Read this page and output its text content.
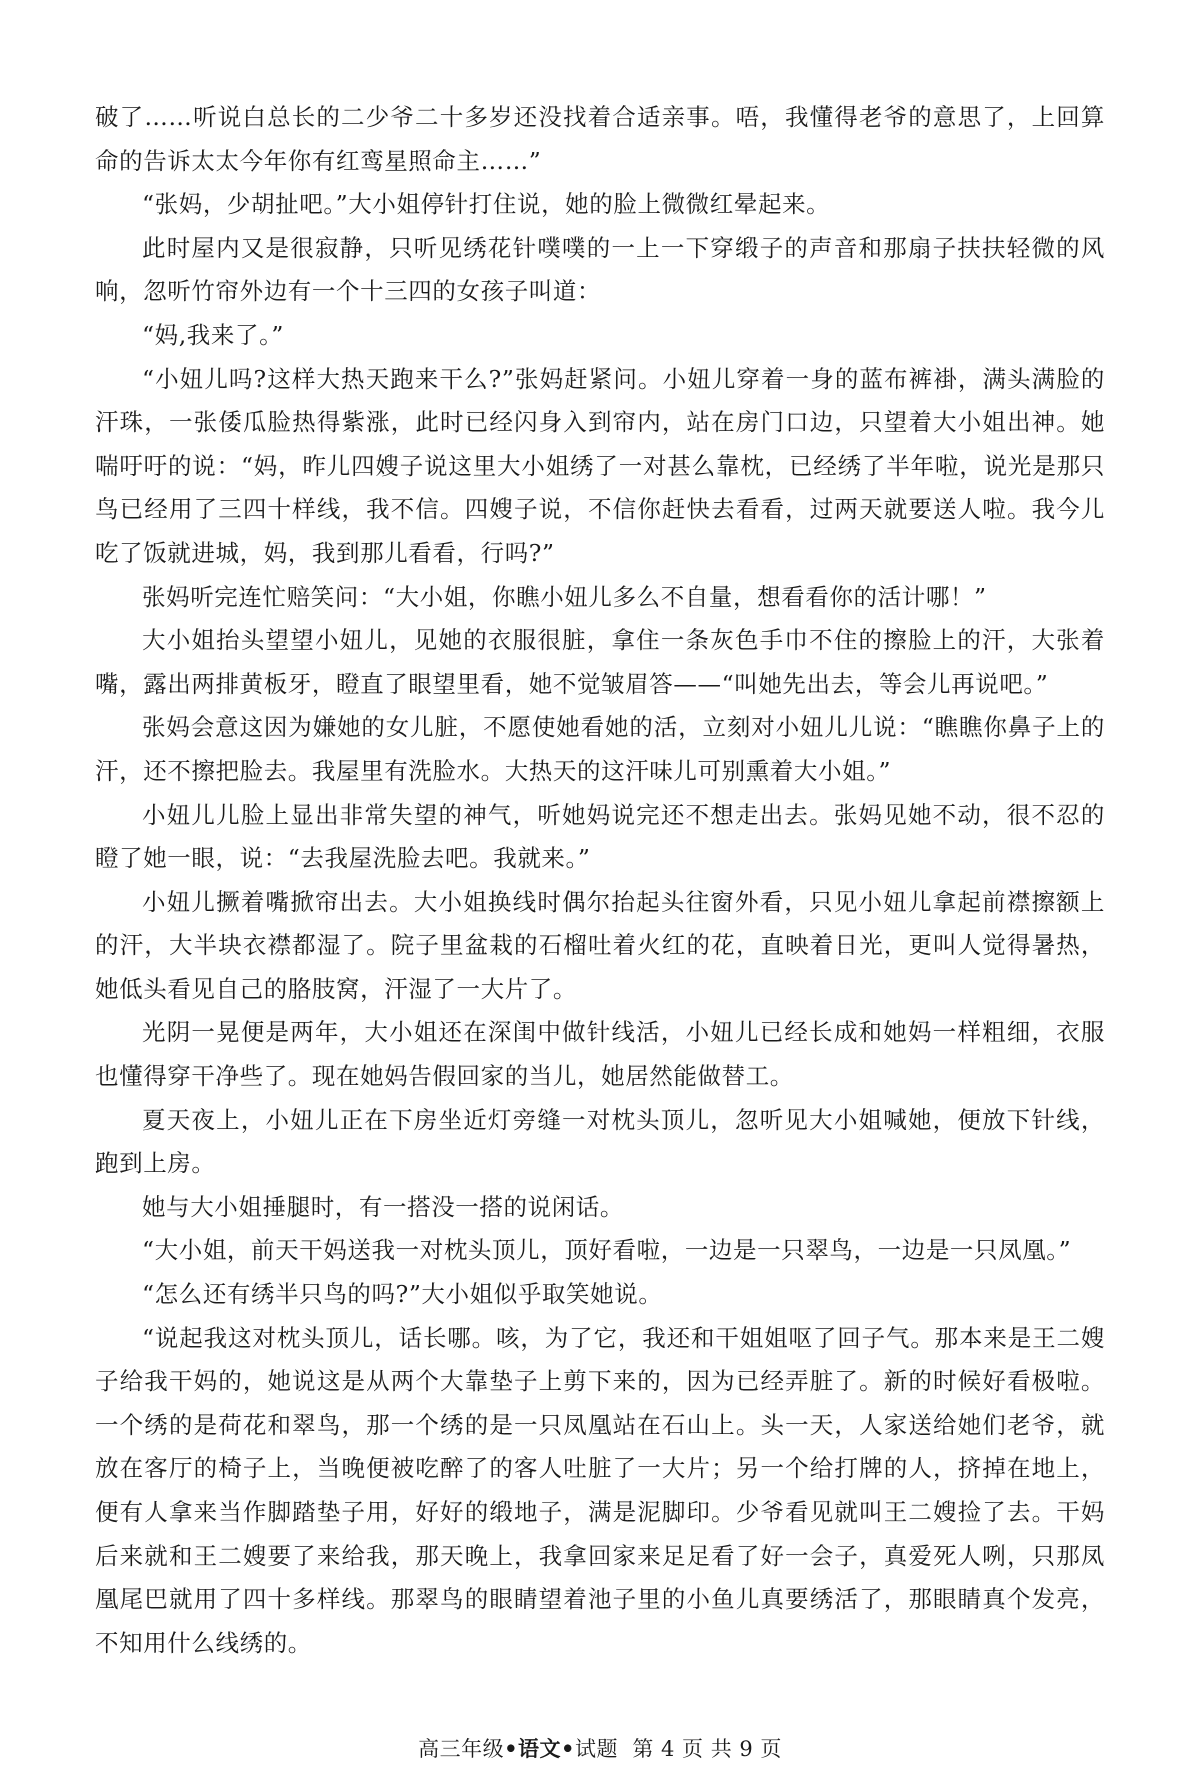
破了……听说白总长的二少爷二十多岁还没找着合适亲事。唔，我懂得老爷的意思了，上回算命的告诉太太今年你有红鸾星照命主……”

“张妈，少胡扯吧。”大小姐停针打住说，她的脸上微微红晕起来。

此时屋内又是很寂静，只听见绣花针噗噗的一上一下穿缎子的声音和那扇子扶扶轻微的风响，忽听竹帘外边有一个十三四的女孩子叫道：

“妈,我来了。”

“小妞儿吗?这样大热天跑来干么?”张妈赶紧问。小妞儿穿着一身的蓝布裤褂，满头满脸的汗珠，一张倭瓜脸热得紫涨，此时已经闪身入到帘内，站在房门口边，只望着大小姐出神。她喘吁吁的说：“妈，昨儿四嫂子说这里大小姐绣了一对甚么靠枕，已经绣了半年啦，说光是那只鸟已经用了三四十样线，我不信。四嫂子说，不信你赶快去看看，过两天就要送人啦。我今儿吃了饭就进城，妈，我到那儿看看，行吗?”

张妈听完连忙赔笑问：“大小姐，你瞧小妞儿多么不自量，想看看你的活计哪！”

大小姐抬头望望小妞儿，见她的衣服很脏，拿住一条灰色手巾不住的擦脸上的汗，大张着嘴，露出两排黄板牙，瞪直了眼望里看，她不觉皱眉答——“叫她先出去，等会儿再说吧。”

张妈会意这因为嫌她的女儿脏，不愿使她看她的活，立刻对小妞儿儿说：“瞧瞧你鼻子上的汗，还不擦把脸去。我屋里有洗脸水。大热天的这汗味儿可别熏着大小姐。”

小妞儿儿脸上显出非常失望的神气，听她妈说完还不想走出去。张妈见她不动，很不忍的瞪了她一眼，说：“去我屋洗脸去吧。我就来。”

小妞儿撅着嘴掀帘出去。大小姐换线时偶尔抬起头往窗外看，只见小妞儿拿起前襟擦额上的汗，大半块衣襟都湿了。院子里盆栽的石榴吐着火红的花，直映着日光，更叫人觉得暑热，她低头看见自己的胳肢窝，汗湿了一大片了。

光阴一晃便是两年，大小姐还在深闺中做针线活，小妞儿已经长成和她妈一样粗细，衣服也懂得穿干净些了。现在她妈告假回家的当儿，她居然能做替工。

夏天夜上，小妞儿正在下房坐近灯旁缝一对枕头顶儿，忽听见大小姐喊她，便放下针线，跑到上房。

她与大小姐捶腿时，有一搭没一搭的说闲话。

“大小姐，前天干妈送我一对枕头顶儿，顶好看啦，一边是一只翠鸟，一边是一只凤凰。”

“怎么还有绣半只鸟的吗?”大小姐似乎取笑她说。

“说起我这对枕头顶儿，话长哪。咳，为了它，我还和干姐姐呕了回子气。那本来是王二嫂子给我干妈的，她说这是从两个大靠垫子上剪下来的，因为已经弄脏了。新的时候好看极啦。一个绣的是荷花和翠鸟，那一个绣的是一只凤凰站在石山上。头一天，人家送给她们老爷，就放在客厅的椅子上，当晚便被吃醉了的客人吐脏了一大片；另一个给打牌的人，挤掉在地上，便有人拿来当作脚踏垫子用，好好的缎地子，满是泥脚印。少爷看见就叫王二嫂捡了去。干妈后来就和王二嫂要了来给我，那天晚上，我拿回家来足足看了好一会子，真爱死人咧，只那凤凰尾巴就用了四十多样线。那翠鸟的眼睛望着池子里的小鱼儿真要绣活了，那眼睛真个发亮，不知用什么线绣的。

高三年级•语文•试题 第 4 页 共 9 页
